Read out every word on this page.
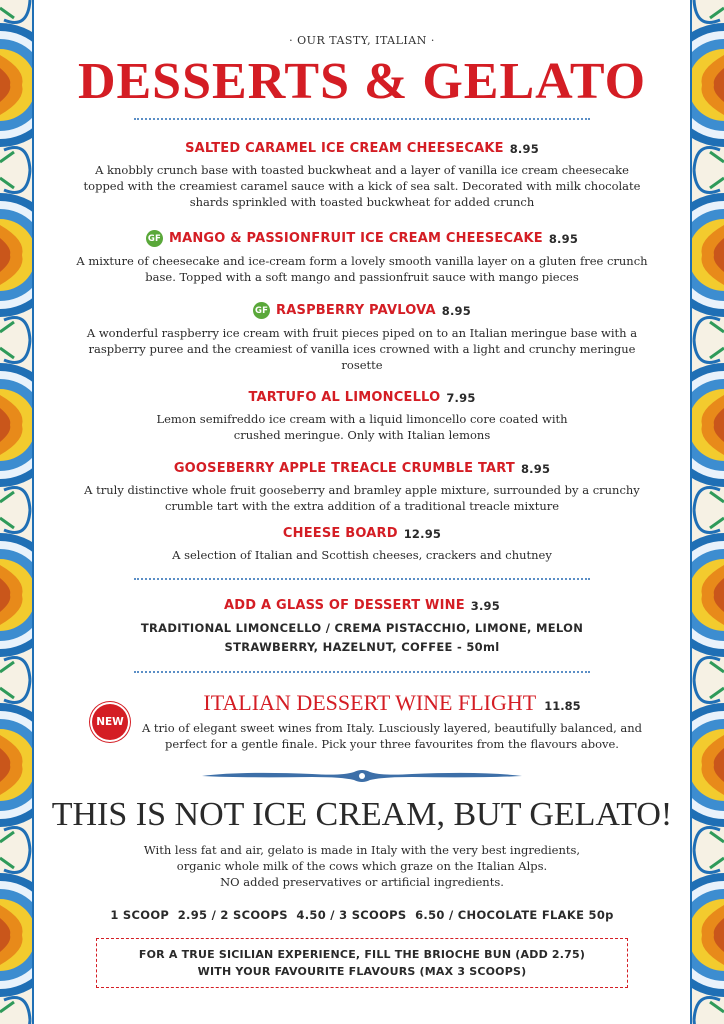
· OUR TASTY, ITALIAN ·
DESSERTS & GELATO
SALTED CARAMEL ICE CREAM CHEESECAKE 8.95
A knobbly crunch base with toasted buckwheat and a layer of vanilla ice cream cheesecake topped with the creamiest caramel sauce with a kick of sea salt. Decorated with milk chocolate shards sprinkled with toasted buckwheat for added crunch
GF MANGO & PASSIONFRUIT ICE CREAM CHEESECAKE 8.95
A mixture of cheesecake and ice-cream form a lovely smooth vanilla layer on a gluten free crunch base. Topped with a soft mango and passionfruit sauce with mango pieces
GF RASPBERRY PAVLOVA 8.95
A wonderful raspberry ice cream with fruit pieces piped on to an Italian meringue base with a raspberry puree and the creamiest of vanilla ices crowned with a light and crunchy meringue rosette
TARTUFO AL LIMONCELLO 7.95
Lemon semifreddo ice cream with a liquid limoncello core coated with crushed meringue. Only with Italian lemons
GOOSEBERRY APPLE TREACLE CRUMBLE TART 8.95
A truly distinctive whole fruit gooseberry and bramley apple mixture, surrounded by a crunchy crumble tart with the extra addition of a traditional treacle mixture
CHEESE BOARD 12.95
A selection of Italian and Scottish cheeses, crackers and chutney
ADD A GLASS OF DESSERT WINE 3.95
TRADITIONAL LIMONCELLO / CREMA PISTACCHIO, LIMONE, MELON
STRAWBERRY, HAZELNUT, COFFEE - 50ml
NEW
ITALIAN DESSERT WINE FLIGHT 11.85
A trio of elegant sweet wines from Italy. Lusciously layered, beautifully balanced, and perfect for a gentle finale. Pick your three favourites from the flavours above.
THIS IS NOT ICE CREAM, BUT GELATO!
With less fat and air, gelato is made in Italy with the very best ingredients,
organic whole milk of the cows which graze on the Italian Alps.
NO added preservatives or artificial ingredients.
1 SCOOP  2.95 / 2 SCOOPS  4.50 / 3 SCOOPS  6.50 / CHOCOLATE FLAKE 50p
FOR A TRUE SICILIAN EXPERIENCE, FILL THE BRIOCHE BUN (ADD 2.75)
WITH YOUR FAVOURITE FLAVOURS (MAX 3 SCOOPS)
